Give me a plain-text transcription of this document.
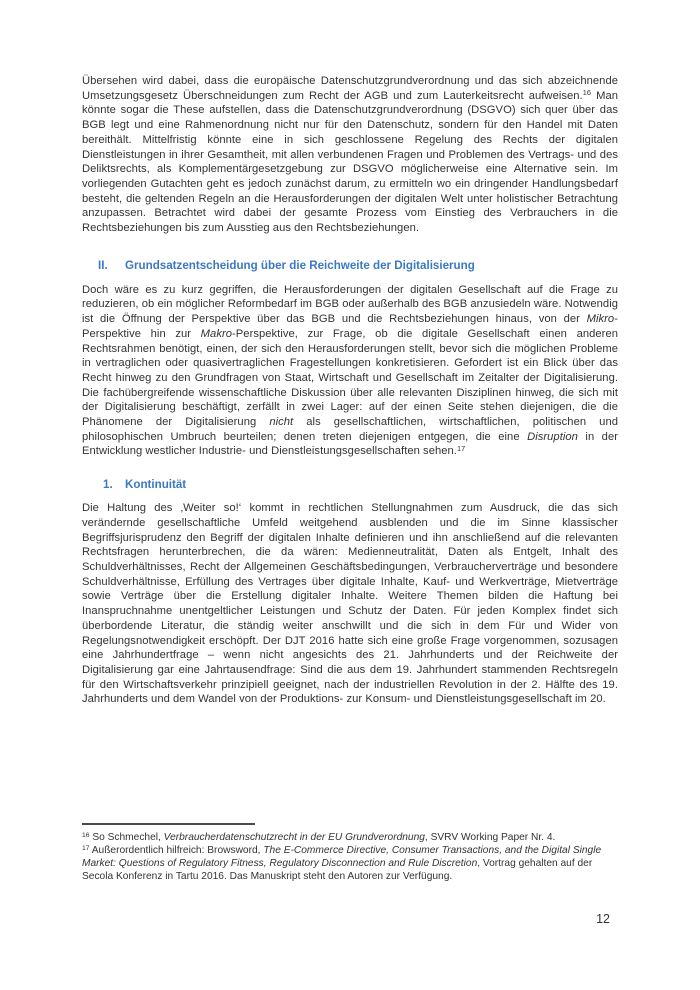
Übersehen wird dabei, dass die europäische Datenschutzgrundverordnung und das sich abzeichnende Umsetzungsgesetz Überschneidungen zum Recht der AGB und zum Lauterkeitsrecht aufweisen.$^{16}$ Man könnte sogar die These aufstellen, dass die Datenschutzgrundverordnung (DSGVO) sich quer über das BGB legt und eine Rahmenordnung nicht nur für den Datenschutz, sondern für den Handel mit Daten bereithält. Mittelfristig könnte eine in sich geschlossene Regelung des Rechts der digitalen Dienstleistungen in ihrer Gesamtheit, mit allen verbundenen Fragen und Problemen des Vertrags- und des Deliktsrechts, als Komplementärgesetzgebung zur DSGVO möglicherweise eine Alternative sein. Im vorliegenden Gutachten geht es jedoch zunächst darum, zu ermitteln wo ein dringender Handlungsbedarf besteht, die geltenden Regeln an die Herausforderungen der digitalen Welt unter holistischer Betrachtung anzupassen. Betrachtet wird dabei der gesamte Prozess vom Einstieg des Verbrauchers in die Rechtsbeziehungen bis zum Ausstieg aus den Rechtsbeziehungen.

II.	Grundsatzentscheidung über die Reichweite der Digitalisierung

Doch wäre es zu kurz gegriffen, die Herausforderungen der digitalen Gesellschaft auf die Frage zu reduzieren, ob ein möglicher Reformbedarf im BGB oder außerhalb des BGB anzusiedeln wäre. Notwendig ist die Öffnung der Perspektive über das BGB und die Rechtsbeziehungen hinaus, von der Mikro-Perspektive hin zur Makro-Perspektive, zur Frage, ob die digitale Gesellschaft einen anderen Rechtsrahmen benötigt, einen, der sich den Herausforderungen stellt, bevor sich die möglichen Probleme in vertraglichen oder quasivertraglichen Fragestellungen konkretisieren. Gefordert ist ein Blick über das Recht hinweg zu den Grundfragen von Staat, Wirtschaft und Gesellschaft im Zeitalter der Digitalisierung. Die fachübergreifende wissenschaftliche Diskussion über alle relevanten Disziplinen hinweg, die sich mit der Digitalisierung beschäftigt, zerfällt in zwei Lager: auf der einen Seite stehen diejenigen, die die Phänomene der Digitalisierung nicht als gesellschaftlichen, wirtschaftlichen, politischen und philosophischen Umbruch beurteilen; denen treten diejenigen entgegen, die eine Disruption in der Entwicklung westlicher Industrie- und Dienstleistungsgesellschaften sehen.$^{17}$

1.	Kontinuität

Die Haltung des ‚Weiter so!‘ kommt in rechtlichen Stellungnahmen zum Ausdruck, die das sich verändernde gesellschaftliche Umfeld weitgehend ausblenden und die im Sinne klassischer Begriffsjurisprudenz den Begriff der digitalen Inhalte definieren und ihn anschließend auf die relevanten Rechtsfragen herunterbrechen, die da wären: Medienneutralität, Daten als Entgelt, Inhalt des Schuldverhältnisses, Recht der Allgemeinen Geschäftsbedingungen, Verbraucherverträge und besondere Schuldverhältnisse, Erfüllung des Vertrages über digitale Inhalte, Kauf- und Werkverträge, Mietverträge sowie Verträge über die Erstellung digitaler Inhalte. Weitere Themen bilden die Haftung bei Inanspruchnahme unentgeltlicher Leistungen und Schutz der Daten. Für jeden Komplex findet sich überbordende Literatur, die ständig weiter anschwillt und die sich in dem Für und Wider von Regelungsnotwendigkeit erschöpft. Der DJT 2016 hatte sich eine große Frage vorgenommen, sozusagen eine Jahrhundertfrage – wenn nicht angesichts des 21. Jahrhunderts und der Reichweite der Digitalisierung gar eine Jahrtausendfrage: Sind die aus dem 19. Jahrhundert stammenden Rechtsregeln für den Wirtschaftsverkehr prinzipiell geeignet, nach der industriellen Revolution in der 2. Hälfte des 19. Jahrhunderts und dem Wandel von der Produktions- zur Konsum- und Dienstleistungsgesellschaft im 20.

$^{16}$ So Schmechel, Verbraucherdatenschutzrecht in der EU Grundverordnung, SVRV Working Paper Nr. 4.

$^{17}$ Außerordentlich hilfreich: Browsword, The E-Commerce Directive, Consumer Transactions, and the Digital Single Market: Questions of Regulatory Fitness, Regulatory Disconnection and Rule Discretion, Vortrag gehalten auf der Secola Konferenz in Tartu 2016. Das Manuskript steht den Autoren zur Verfügung.

12
